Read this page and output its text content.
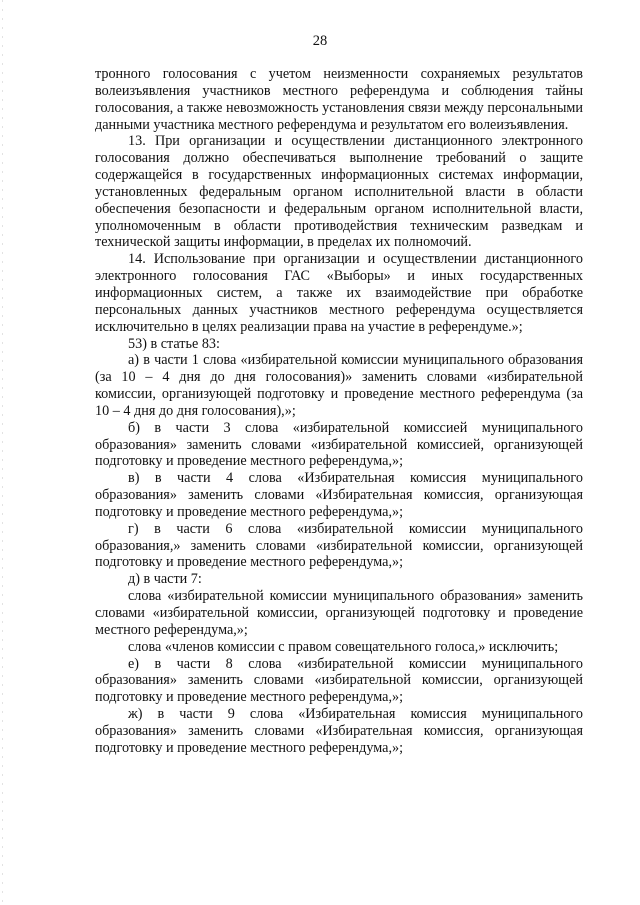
28

тронного голосования с учетом неизменности сохраняемых результатов волеизъявления участников местного референдума и соблюдения тайны голосования, а также невозможность установления связи между персональными данными участника местного референдума и результатом его волеизъявления.

13. При организации и осуществлении дистанционного электронного голосования должно обеспечиваться выполнение требований о защите содержащейся в государственных информационных системах информации, установленных федеральным органом исполнительной власти в области обеспечения безопасности и федеральным органом исполнительной власти, уполномоченным в области противодействия техническим разведкам и технической защиты информации, в пределах их полномочий.

14. Использование при организации и осуществлении дистанционного электронного голосования ГАС «Выборы» и иных государственных информационных систем, а также их взаимодействие при обработке персональных данных участников местного референдума осуществляется исключительно в целях реализации права на участие в референдуме.»;

53) в статье 83:

а) в части 1 слова «избирательной комиссии муниципального образования (за 10 – 4 дня до дня голосования)» заменить словами «избирательной комиссии, организующей подготовку и проведение местного референдума (за 10 – 4 дня до дня голосования),»;

б) в части 3 слова «избирательной комиссией муниципального образования» заменить словами «избирательной комиссией, организующей подготовку и проведение местного референдума,»;

в) в части 4 слова «Избирательная комиссия муниципального образования» заменить словами «Избирательная комиссия, организующая подготовку и проведение местного референдума,»;

г) в части 6 слова «избирательной комиссии муниципального образования,» заменить словами «избирательной комиссии, организующей подготовку и проведение местного референдума,»;

д) в части 7:

слова «избирательной комиссии муниципального образования» заменить словами «избирательной комиссии, организующей подготовку и проведение местного референдума,»;

слова «членов комиссии с правом совещательного голоса,» исключить;

е) в части 8 слова «избирательной комиссии муниципального образования» заменить словами «избирательной комиссии, организующей подготовку и проведение местного референдума,»;

ж) в части 9 слова «Избирательная комиссия муниципального образования» заменить словами «Избирательная комиссия, организующая подготовку и проведение местного референдума,»;
